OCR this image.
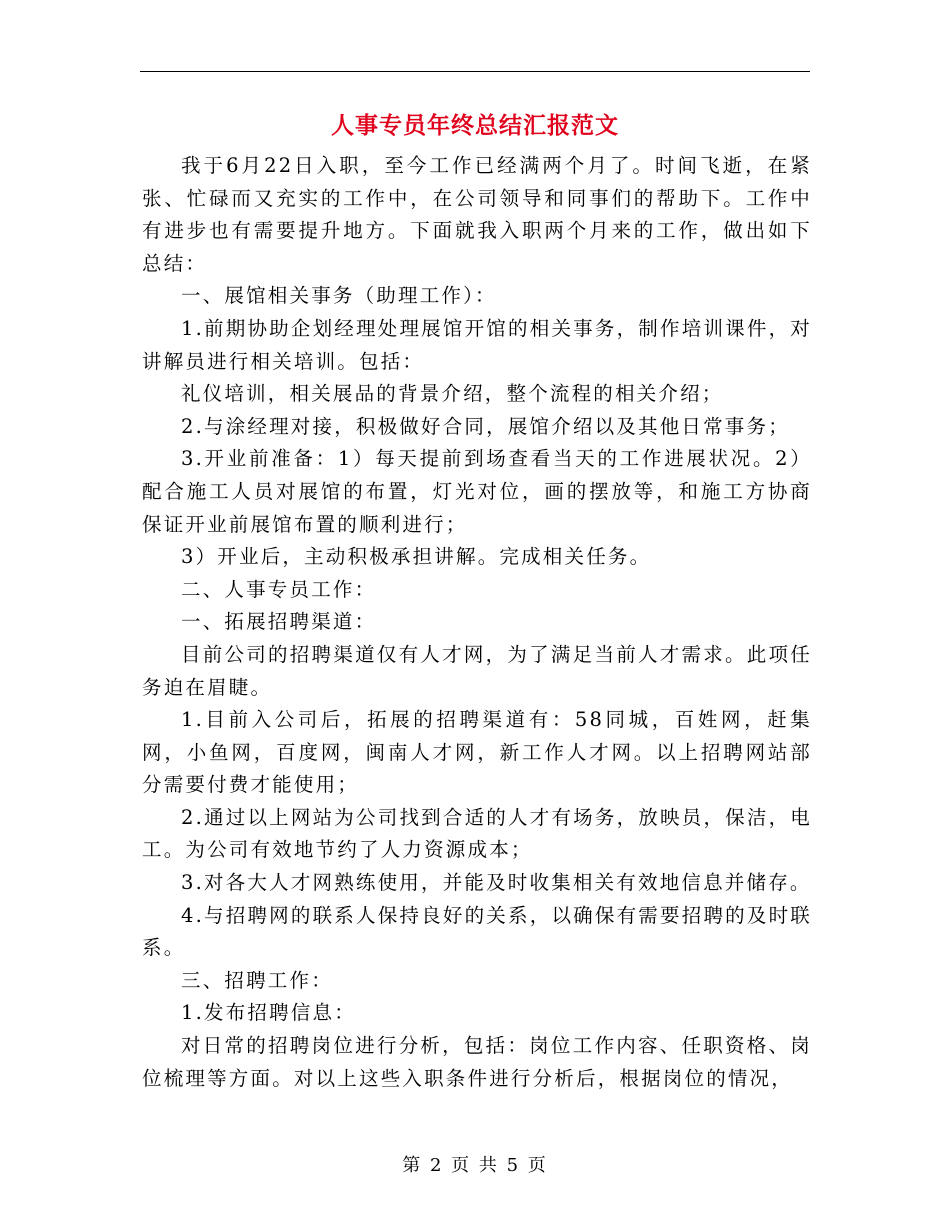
人事专员年终总结汇报范文

我于6月22日入职，至今工作已经满两个月了。时间飞逝，在紧张、忙碌而又充实的工作中，在公司领导和同事们的帮助下。工作中有进步也有需要提升地方。下面就我入职两个月来的工作，做出如下总结：

一、展馆相关事务（助理工作）：

1.前期协助企划经理处理展馆开馆的相关事务，制作培训课件，对讲解员进行相关培训。包括：

礼仪培训，相关展品的背景介绍，整个流程的相关介绍；

2.与涂经理对接，积极做好合同，展馆介绍以及其他日常事务；

3.开业前准备：1）每天提前到场查看当天的工作进展状况。2）配合施工人员对展馆的布置，灯光对位，画的摆放等，和施工方协商保证开业前展馆布置的顺利进行；

3）开业后，主动积极承担讲解。完成相关任务。

二、人事专员工作：

一、拓展招聘渠道：

目前公司的招聘渠道仅有人才网，为了满足当前人才需求。此项任务迫在眉睫。

1.目前入公司后，拓展的招聘渠道有：58同城，百姓网，赶集网，小鱼网，百度网，闽南人才网，新工作人才网。以上招聘网站部分需要付费才能使用；

2.通过以上网站为公司找到合适的人才有场务，放映员，保洁，电工。为公司有效地节约了人力资源成本；

3.对各大人才网熟练使用，并能及时收集相关有效地信息并储存。

4.与招聘网的联系人保持良好的关系，以确保有需要招聘的及时联系。

三、招聘工作：

1.发布招聘信息：

对日常的招聘岗位进行分析，包括：岗位工作内容、任职资格、岗位梳理等方面。对以上这些入职条件进行分析后，根据岗位的情况，

第 2 页 共 5 页
